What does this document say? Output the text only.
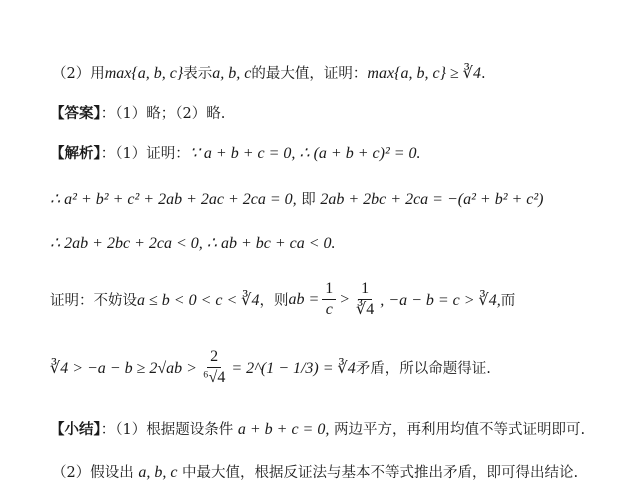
（2）用max{a, b, c}表示a, b, c的最大值，证明：max{a, b, c} ≥ ∛4.
【答案】：（1）略；（2）略.
【解析】：（1）证明：∵ a + b + c = 0, ∴ (a + b + c)² = 0.
∴ a² + b² + c² + 2ab + 2ac + 2ca = 0, 即 2ab + 2bc + 2ca = −(a² + b² + c²)
∴ 2ab + 2bc + 2ca < 0, ∴ ab + bc + ca < 0.
证明：不妨设 a ≤ b < 0 < c < ∛4 ，则 ab = $\frac{1}{c} > \frac{1}{∛4}$ , −a − b = c > ∛4, 而
∛4 > $-a - b \ge 2√ab > \frac{2}{\text{⁶√4}}$ = 2^(1 − 1/3) = ∛4 矛盾，所以命题得证.
【小结】：（1）根据题设条件 a + b + c = 0, 两边平方，再利用均值不等式证明即可.
（2）假设出 a, b, c 中最大值，根据反证法与基本不等式推出矛盾，即可得出结论.
